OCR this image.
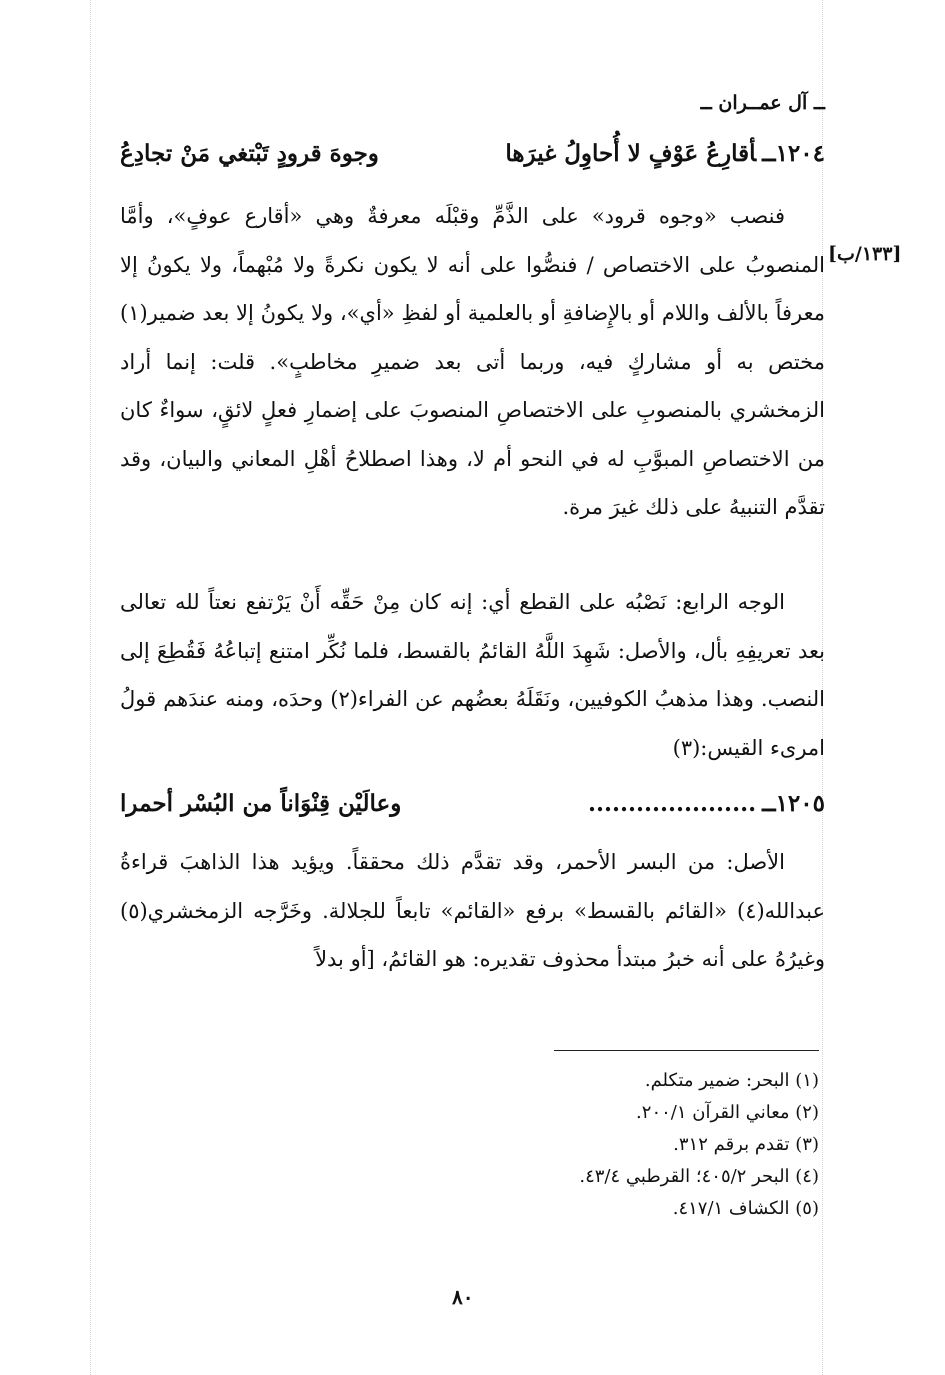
ــ آل عمــران ــ
١٢٠٤ــأقارِعُ عَوْفٍ لا أُحاوِلُ غيرَها
وجوهَ قرودٍ تَبْتغي مَنْ تجادِعُ
[١٣٣/ب]

فنصب «وجوه قرود» على الذَّمِّ وقبْلَه معرفةٌ وهي «أقارع عوفٍ»، وأمَّا المنصوبُ على الاختصاص / فنصُّوا على أنه لا يكون نكرةً ولا مُبْهماً، ولا يكونُ إلا معرفاً بالألف واللام أو بالإِضافةِ أو بالعلمية أو لفظِ «أي»، ولا يكونُ إلا بعد ضمير(١) مختص به أو مشاركٍ فيه، وربما أتى بعد ضميرِ مخاطبٍ». قلت: إنما أراد الزمخشري بالمنصوبِ على الاختصاصِ المنصوبَ على إضمارِ فعلٍ لائقٍ، سواءٌ كان من الاختصاصِ المبوَّبِ له في النحو أم لا، وهذا اصطلاحُ أهْلِ المعاني والبيان، وقد تقدَّم التنبيهُ على ذلك غيرَ مرة.

الوجه الرابع: نَصْبُه على القطع أي: إنه كان مِنْ حَقِّه أَنْ يَرْتفع نعتاً لله تعالى بعد تعريفِهِ بأل، والأصل: شَهِدَ اللَّهُ القائمُ بالقسط، فلما نُكِّر امتنع إتباعُهُ فَقُطِعَ إلى النصب. وهذا مذهبُ الكوفيين، ونَقَلَهُ بعضُهم عن الفراء(٢) وحدَه، ومنه عندَهم قولُ امرىء القيس:(٣)

١٢٠٥ــ.....................
وعالَيْن قِنْوَاناً من البُسْر أحمرا

الأصل: من البسر الأحمر، وقد تقدَّم ذلك محققاً. ويؤيد هذا الذاهبَ قراءةُ عبدالله(٤) «القائم بالقسط» برفع «القائم» تابعاً للجلالة. وخَرَّجه الزمخشري(٥) وغيرُهُ على أنه خبرُ مبتدأ محذوف تقديره: هو القائمُ، [أو بدلاً

(١) البحر: ضمير متكلم.
(٢) معاني القرآن ٢٠٠/١.
(٣) تقدم برقم ٣١٢.
(٤) البحر ٤٠٥/٢؛ القرطبي ٤٣/٤.
(٥) الكشاف ٤١٧/١.
٨٠
